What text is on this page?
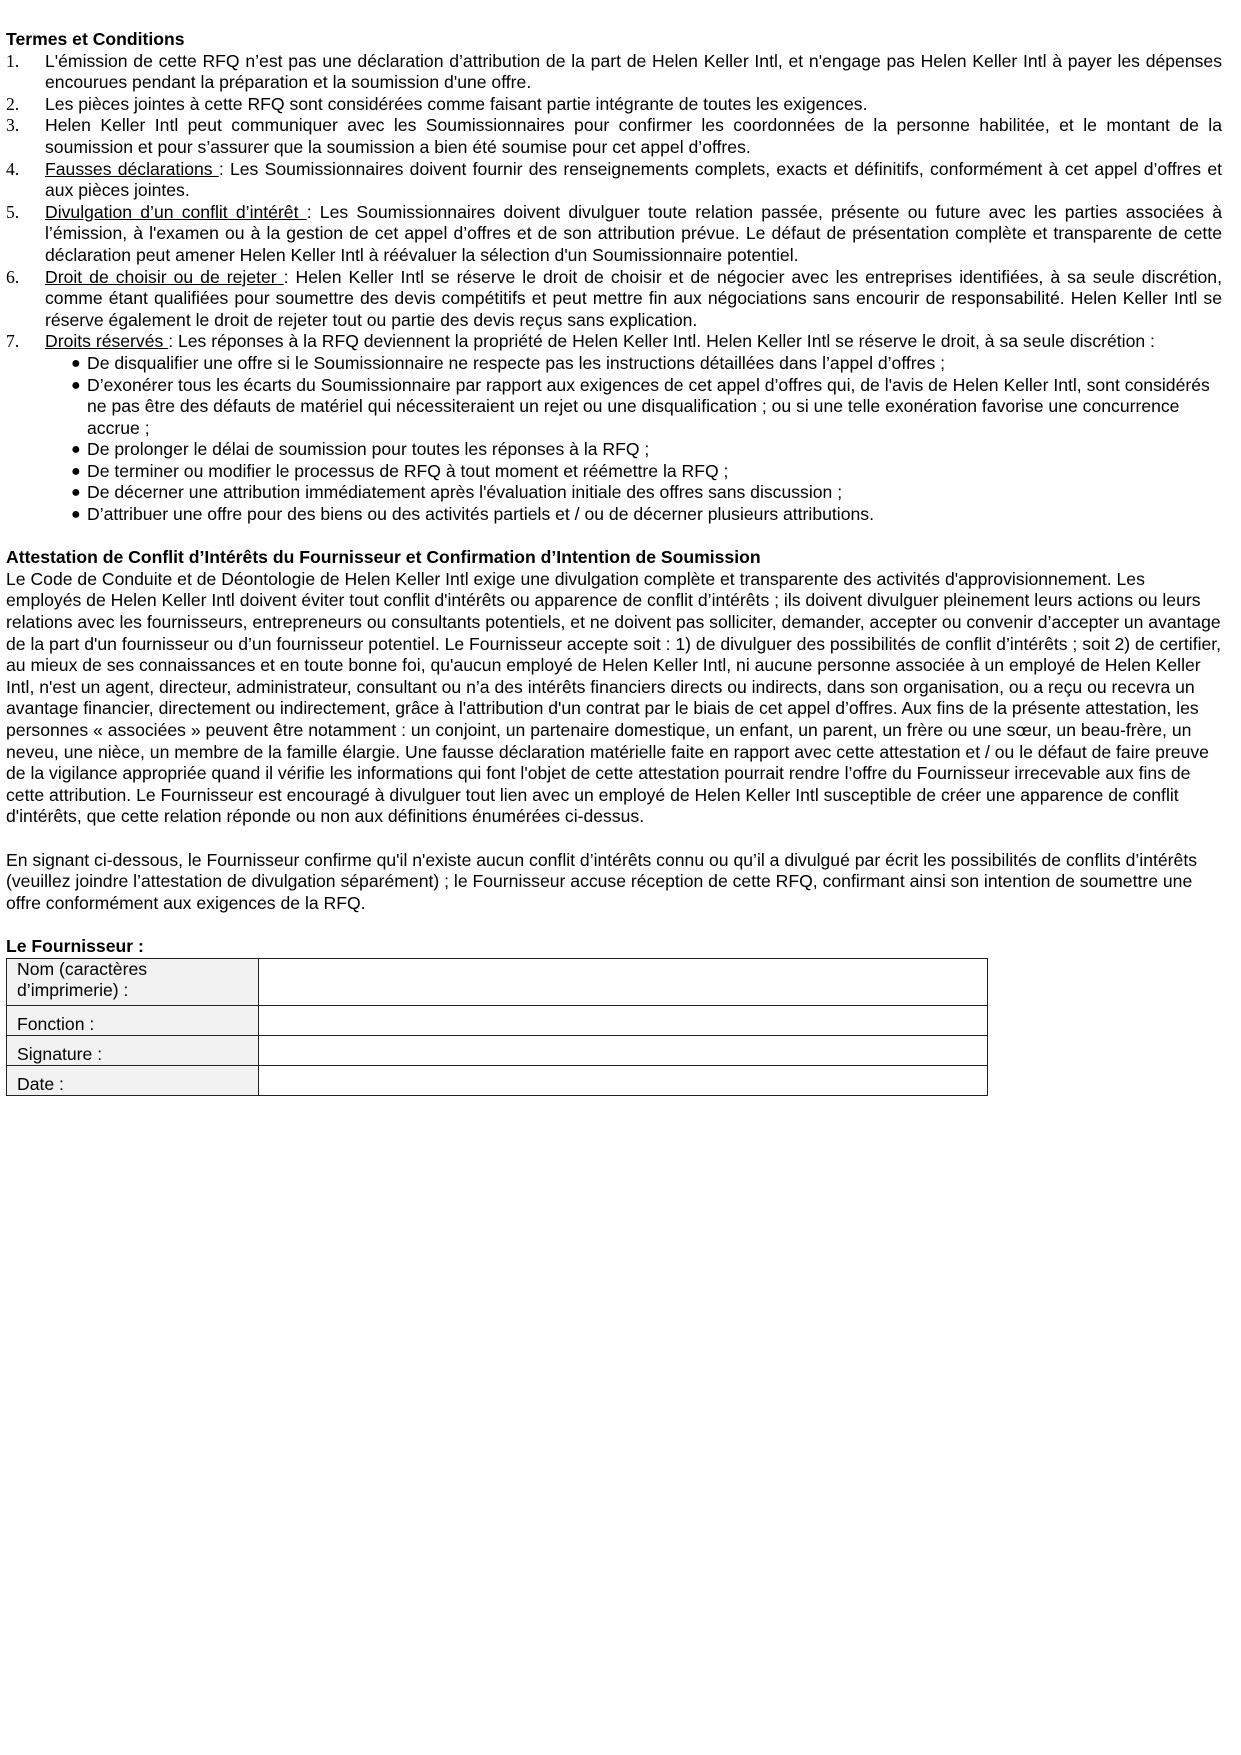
Termes et Conditions
1. L'émission de cette RFQ n’est pas une déclaration d’attribution de la part de Helen Keller Intl, et n'engage pas Helen Keller Intl à payer les dépenses encourues pendant la préparation et la soumission d'une offre.
2. Les pièces jointes à cette RFQ sont considérées comme faisant partie intégrante de toutes les exigences.
3. Helen Keller Intl peut communiquer avec les Soumissionnaires pour confirmer les coordonnées de la personne habilitée, et le montant de la soumission et pour s’assurer que la soumission a bien été soumise pour cet appel d’offres.
4. Fausses déclarations : Les Soumissionnaires doivent fournir des renseignements complets, exacts et définitifs, conformément à cet appel d’offres et aux pièces jointes.
5. Divulgation d’un conflit d’intérêt : Les Soumissionnaires doivent divulguer toute relation passée, présente ou future avec les parties associées à l’émission, à l'examen ou à la gestion de cet appel d’offres et de son attribution prévue. Le défaut de présentation complète et transparente de cette déclaration peut amener Helen Keller Intl à réévaluer la sélection d'un Soumissionnaire potentiel.
6. Droit de choisir ou de rejeter : Helen Keller Intl se réserve le droit de choisir et de négocier avec les entreprises identifiées, à sa seule discrétion, comme étant qualifiées pour soumettre des devis compétitifs et peut mettre fin aux négociations sans encourir de responsabilité. Helen Keller Intl se réserve également le droit de rejeter tout ou partie des devis reçus sans explication.
7. Droits réservés : Les réponses à la RFQ deviennent la propriété de Helen Keller Intl. Helen Keller Intl se réserve le droit, à sa seule discrétion :
● De disqualifier une offre si le Soumissionnaire ne respecte pas les instructions détaillées dans l’appel d’offres ;
● D’exonérer tous les écarts du Soumissionnaire par rapport aux exigences de cet appel d’offres qui, de l'avis de Helen Keller Intl, sont considérés ne pas être des défauts de matériel qui nécessiteraient un rejet ou une disqualification ; ou si une telle exonération favorise une concurrence accrue ;
● De prolonger le délai de soumission pour toutes les réponses à la RFQ ;
● De terminer ou modifier le processus de RFQ à tout moment et réémettre la RFQ ;
● De décerner une attribution immédiatement après l'évaluation initiale des offres sans discussion ;
● D’attribuer une offre pour des biens ou des activités partiels et / ou de décerner plusieurs attributions.
Attestation de Conflit d’Intérêts du Fournisseur et Confirmation d’Intention de Soumission

Le Code de Conduite et de Déontologie de Helen Keller Intl exige une divulgation complète et transparente des activités d'approvisionnement. Les employés de Helen Keller Intl doivent éviter tout conflit d'intérêts ou apparence de conflit d’intérêts ; ils doivent divulguer pleinement leurs actions ou leurs relations avec les fournisseurs, entrepreneurs ou consultants potentiels, et ne doivent pas solliciter, demander, accepter ou convenir d’accepter un avantage de la part d'un fournisseur ou d’un fournisseur potentiel. Le Fournisseur accepte soit : 1) de divulguer des possibilités de conflit d’intérêts ; soit 2) de certifier, au mieux de ses connaissances et en toute bonne foi, qu'aucun employé de Helen Keller Intl, ni aucune personne associée à un employé de Helen Keller Intl, n'est un agent, directeur, administrateur, consultant ou n’a des intérêts financiers directs ou indirects, dans son organisation, ou a reçu ou recevra un avantage financier, directement ou indirectement, grâce à l'attribution d'un contrat par le biais de cet appel d’offres. Aux fins de la présente attestation, les personnes « associées » peuvent être notamment : un conjoint, un partenaire domestique, un enfant, un parent, un frère ou une sœur, un beau-frère, un neveu, une nièce, un membre de la famille élargie. Une fausse déclaration matérielle faite en rapport avec cette attestation et / ou le défaut de faire preuve de la vigilance appropriée quand il vérifie les informations qui font l'objet de cette attestation pourrait rendre l’offre du Fournisseur irrecevable aux fins de cette attribution. Le Fournisseur est encouragé à divulguer tout lien avec un employé de Helen Keller Intl susceptible de créer une apparence de conflit d'intérêts, que cette relation réponde ou non aux définitions énumérées ci-dessus.

En signant ci-dessous, le Fournisseur confirme qu'il n'existe aucun conflit d’intérêts connu ou qu’il a divulgué par écrit les possibilités de conflits d’intérêts (veuillez joindre l’attestation de divulgation séparément) ; le Fournisseur accuse réception de cette RFQ, confirmant ainsi son intention de soumettre une offre conformément aux exigences de la RFQ.

Le Fournisseur :
Nom (caractères d’imprimerie) :	
Fonction :	
Signature :	
Date :	
